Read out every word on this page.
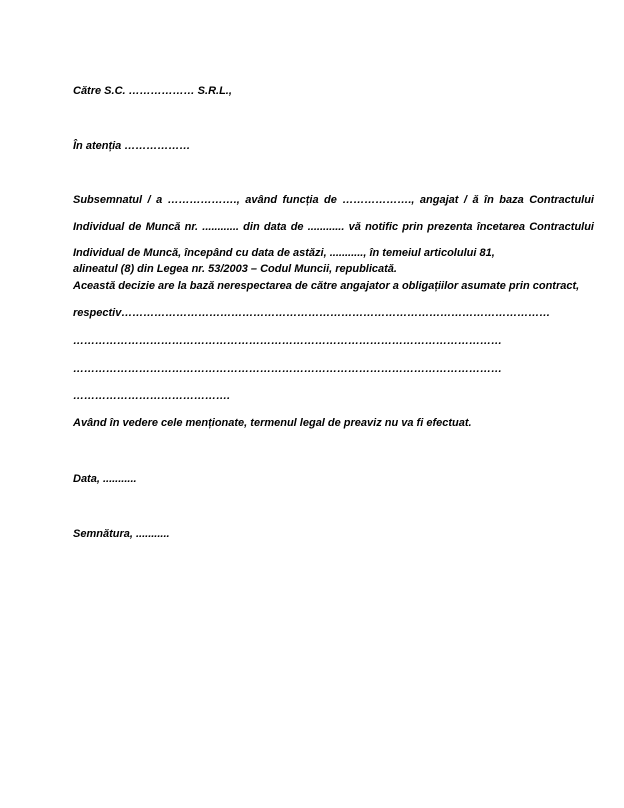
Către S.C. ……………… S.R.L.,
În atenția ………………
Subsemnatul / a ………………., având funcția de ………………., angajat / ă în baza Contractului
Individual de Muncă nr. ............ din data de ............ vă notific prin prezenta încetarea Contractului
Individual de Muncă, începând cu data de astăzi, ..........., în temeiul articolului 81,
alineatul (8) din Legea nr. 53/2003 – Codul Muncii, republicată.
Această decizie are la bază nerespectarea de către angajator a obligațiilor asumate prin contract,
respectiv………………………………………………………………………………………………………
………………………………………………………………………………………………………
………………………………………………………………………………………………………
…………………………………….
Având în vedere cele menționate, termenul legal de preaviz nu va fi efectuat.
Data, ...........
Semnătura, ...........
